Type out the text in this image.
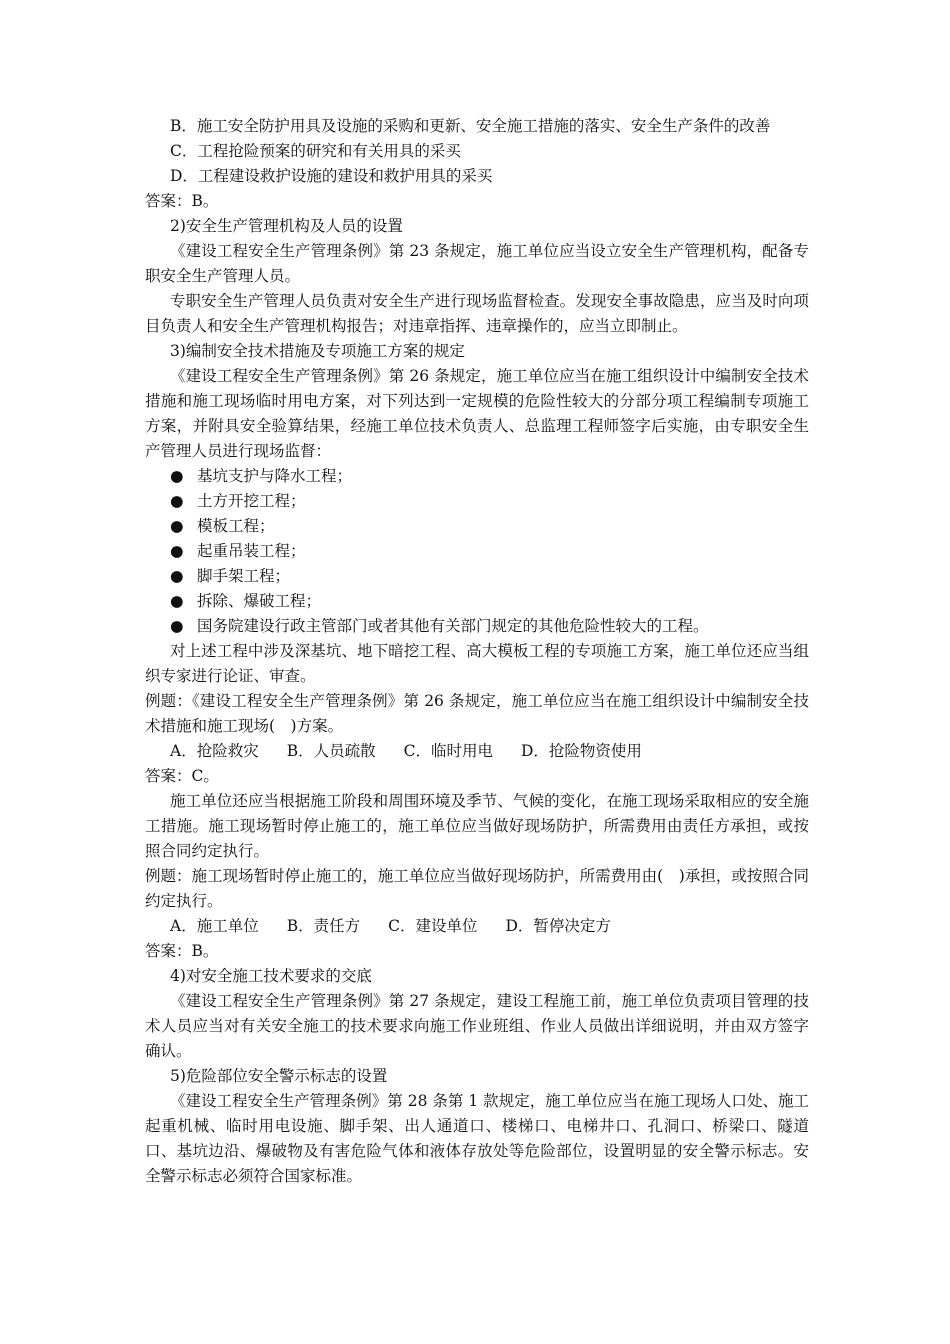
B．施工安全防护用具及设施的采购和更新、安全施工措施的落实、安全生产条件的改善

C．工程抢险预案的研究和有关用具的采买

D．工程建设救护设施的建设和救护用具的采买

答案：B。

2)安全生产管理机构及人员的设置

《建设工程安全生产管理条例》第 23 条规定，施工单位应当设立安全生产管理机构，配备专职安全生产管理人员。

专职安全生产管理人员负责对安全生产进行现场监督检查。发现安全事故隐患，应当及时向项目负责人和安全生产管理机构报告；对违章指挥、违章操作的，应当立即制止。

3)编制安全技术措施及专项施工方案的规定

《建设工程安全生产管理条例》第 26 条规定，施工单位应当在施工组织设计中编制安全技术措施和施工现场临时用电方案，对下列达到一定规模的危险性较大的分部分项工程编制专项施工方案，并附具安全验算结果，经施工单位技术负责人、总监理工程师签字后实施，由专职安全生产管理人员进行现场监督：

● 基坑支护与降水工程；

● 土方开挖工程；

● 模板工程；

● 起重吊装工程；

● 脚手架工程；

● 拆除、爆破工程；

● 国务院建设行政主管部门或者其他有关部门规定的其他危险性较大的工程。

对上述工程中涉及深基坑、地下暗挖工程、高大模板工程的专项施工方案，施工单位还应当组织专家进行论证、审查。

例题：《建设工程安全生产管理条例》第 26 条规定，施工单位应当在施工组织设计中编制安全技术措施和施工现场(　)方案。

A．抢险救灾 B．人员疏散 C．临时用电 D．抢险物资使用

答案：C。

施工单位还应当根据施工阶段和周围环境及季节、气候的变化，在施工现场采取相应的安全施工措施。施工现场暂时停止施工的，施工单位应当做好现场防护，所需费用由责任方承担，或按照合同约定执行。

例题：施工现场暂时停止施工的，施工单位应当做好现场防护，所需费用由(　)承担，或按照合同约定执行。

A．施工单位 B．责任方 C．建设单位 D．暂停决定方

答案：B。

4)对安全施工技术要求的交底

《建设工程安全生产管理条例》第 27 条规定，建设工程施工前，施工单位负责项目管理的技术人员应当对有关安全施工的技术要求向施工作业班组、作业人员做出详细说明，并由双方签字确认。

5)危险部位安全警示标志的设置

《建设工程安全生产管理条例》第 28 条第 1 款规定，施工单位应当在施工现场人口处、施工起重机械、临时用电设施、脚手架、出人通道口、楼梯口、电梯井口、孔洞口、桥梁口、隧道口、基坑边沿、爆破物及有害危险气体和液体存放处等危险部位，设置明显的安全警示标志。安全警示标志必须符合国家标准。
